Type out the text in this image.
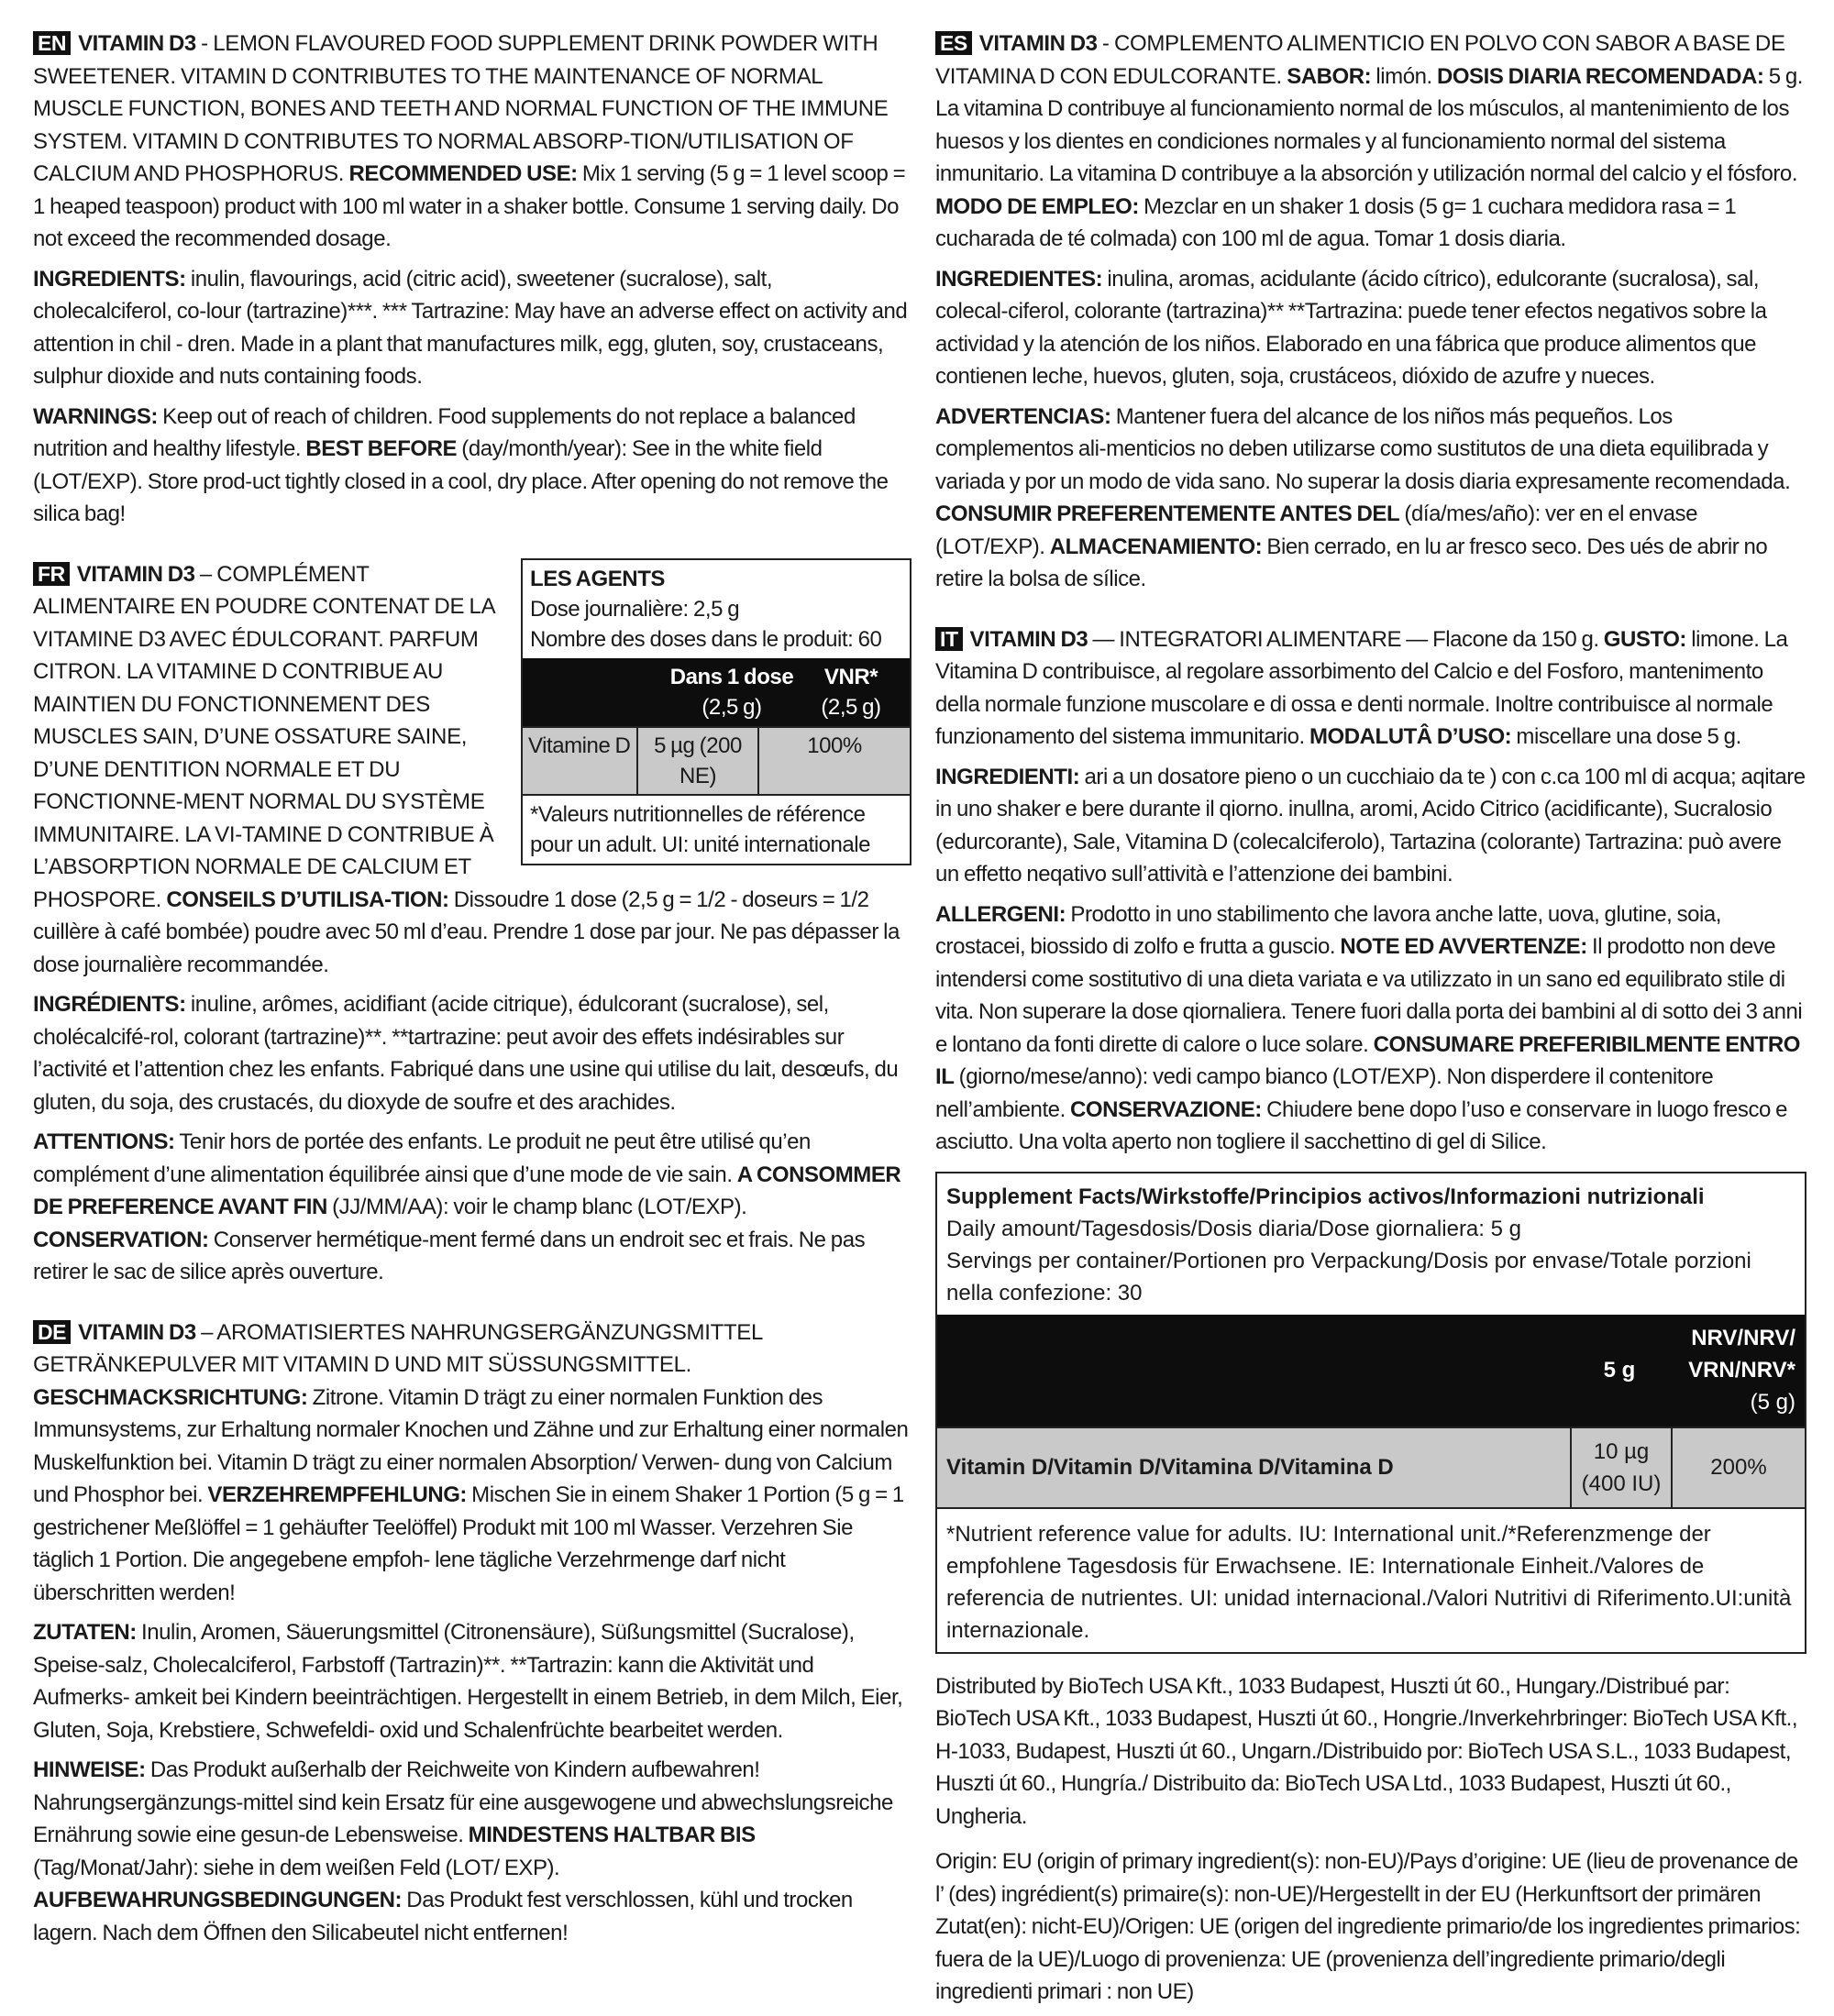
EN VITAMIN D3 - LEMON FLAVOURED FOOD SUPPLEMENT DRINK POWDER WITH SWEETENER. VITAMIN D CONTRIBUTES TO THE MAINTENANCE OF NORMAL MUSCLE FUNCTION, BONES AND TEETH AND NORMAL FUNCTION OF THE IMMUNE SYSTEM. VITAMIN D CONTRIBUTES TO NORMAL ABSORP-TION/UTILISATION OF CALCIUM AND PHOSPHORUS. RECOMMENDED USE: Mix 1 serving (5 g = 1 level scoop = 1 heaped teaspoon) product with 100 ml water in a shaker bottle. Consume 1 serving daily. Do not exceed the recommended dosage.

INGREDIENTS: inulin, flavourings, acid (citric acid), sweetener (sucralose), salt, cholecalciferol, co-lour (tartrazine)***. *** Tartrazine: May have an adverse effect on activity and attention in chil - dren. Made in a plant that manufactures milk, egg, gluten, soy, crustaceans, sulphur dioxide and nuts containing foods.

WARNINGS: Keep out of reach of children. Food supplements do not replace a balanced nutrition and healthy lifestyle. BEST BEFORE (day/month/year): See in the white field (LOT/EXP). Store prod-uct tightly closed in a cool, dry place. After opening do not remove the silica bag!

LES AGENTS
Dose journalière: 2,5 g
Nombre des doses dans le produit: 60
Dans 1 dose
(2,5 g)
VNR*
(2,5 g)
Vitamine D	5 µg (200 NE)
100%
*Valeurs nutritionnelles de référence pour un adult. UI: unité internationale

FR VITAMIN D3 – COMPLÉMENT ALIMENTAIRE EN POUDRE CONTENAT DE LA VITAMINE D3 AVEC ÉDULCORANT. PARFUM CITRON. LA VITAMINE D CONTRIBUE AU MAINTIEN DU FONCTIONNEMENT DES MUSCLES SAIN, D’UNE OSSATURE SAINE, D’UNE DENTITION NORMALE ET DU FONCTIONNE-MENT NORMAL DU SYSTÈME IMMUNITAIRE. LA VI-TAMINE D CONTRIBUE À L’ABSORPTION NORMALE DE CALCIUM ET PHOSPORE. CONSEILS D’UTILISA-TION: Dissoudre 1 dose (2,5 g = 1/2 - doseurs = 1/2 cuillère à café bombée) poudre avec 50 ml d’eau. Prendre 1 dose par jour. Ne pas dépasser la dose journalière recommandée.

INGRÉDIENTS: inuline, arômes, acidifiant (acide citrique), édulcorant (sucralose), sel, cholécalcifé-rol, colorant (tartrazine)**. **tartrazine: peut avoir des effets indésirables sur l’activité et l’attention chez les enfants. Fabriqué dans une usine qui utilise du lait, desœufs, du gluten, du soja, des crustacés, du dioxyde de soufre et des arachides.

ATTENTIONS: Tenir hors de portée des enfants. Le produit ne peut être utilisé qu’en complément d’une alimentation équilibrée ainsi que d’une mode de vie sain. A CONSOMMER DE PREFERENCE AVANT FIN (JJ/MM/AA): voir le champ blanc (LOT/EXP). CONSERVATION: Conserver hermétique-ment fermé dans un endroit sec et frais. Ne pas retirer le sac de silice après ouverture.

DE VITAMIN D3 – AROMATISIERTES NAHRUNGSERGÄNZUNGSMITTEL GETRÄNKEPULVER MIT VITAMIN D UND MIT SÜSSUNGSMITTEL. GESCHMACKSRICHTUNG: Zitrone. Vitamin D trägt zu einer normalen Funktion des Immunsystems, zur Erhaltung normaler Knochen und Zähne und zur Erhaltung einer normalen Muskelfunktion bei. Vitamin D trägt zu einer normalen Absorption/ Verwen- dung von Calcium und Phosphor bei. VERZEHREMPFEHLUNG: Mischen Sie in einem Shaker 1 Portion (5 g = 1 gestrichener Meßlöffel = 1 gehäufter Teelöffel) Produkt mit 100 ml Wasser. Verzehren Sie täglich 1 Portion. Die angegebene empfoh- lene tägliche Verzehrmenge darf nicht überschritten werden!

ZUTATEN: Inulin, Aromen, Säuerungsmittel (Citronensäure), Süßungsmittel (Sucralose), Speise-salz, Cholecalciferol, Farbstoff (Tartrazin)**. **Tartrazin: kann die Aktivität und Aufmerks- amkeit bei Kindern beeinträchtigen. Hergestellt in einem Betrieb, in dem Milch, Eier, Gluten, Soja, Krebstiere, Schwefeldi- oxid und Schalenfrüchte bearbeitet werden.

HINWEISE: Das Produkt außerhalb der Reichweite von Kindern aufbewahren! Nahrungsergänzungs-mittel sind kein Ersatz für eine ausgewogene und abwechslungsreiche Ernährung sowie eine gesun-de Lebensweise. MINDESTENS HALTBAR BIS (Tag/Monat/Jahr): siehe in dem weißen Feld (LOT/ EXP). AUFBEWAHRUNGSBEDINGUNGEN: Das Produkt fest verschlossen, kühl und trocken lagern. Nach dem Öffnen den Silicabeutel nicht entfernen!

ES VITAMIN D3 - COMPLEMENTO ALIMENTICIO EN POLVO CON SABOR A BASE DE VITAMINA D CON EDULCORANTE. SABOR: limón. DOSIS DIARIA RECOMENDADA: 5 g. La vitamina D contribuye al funcionamiento normal de los músculos, al mantenimiento de los huesos y los dientes en condiciones normales y al funcionamiento normal del sistema inmunitario. La vitamina D contribuye a la absorción y utilización normal del calcio y el fósforo. MODO DE EMPLEO: Mezclar en un shaker 1 dosis (5 g= 1 cuchara medidora rasa = 1 cucharada de té colmada) con 100 ml de agua. Tomar 1 dosis diaria.

INGREDIENTES: inulina, aromas, acidulante (ácido cítrico), edulcorante (sucralosa), sal, colecal-ciferol, colorante (tartrazina)** **Tartrazina: puede tener efectos negativos sobre la actividad y la atención de los niños. Elaborado en una fábrica que produce alimentos que contienen leche, huevos, gluten, soja, crustáceos, dióxido de azufre y nueces.

ADVERTENCIAS: Mantener fuera del alcance de los niños más pequeños. Los complementos ali-menticios no deben utilizarse como sustitutos de una dieta equilibrada y variada y por un modo de vida sano. No superar la dosis diaria expresamente recomendada. CONSUMIR PREFERENTEMENTE ANTES DEL (día/mes/año): ver en el envase (LOT/EXP). ALMACENAMIENTO: Bien cerrado, en lu ar fresco seco. Des ués de abrir no retire la bolsa de sílice.

IT VITAMIN D3 — INTEGRATORI ALIMENTARE — Flacone da 150 g. GUSTO: limone. La Vitamina D contribuisce, al regolare assorbimento del Calcio e del Fosforo, mantenimento della normale funzione muscolare e di ossa e denti normale. Inoltre contribuisce al normale funzionamento del sistema immunitario. MODALUTÂ D’USO: miscellare una dose 5 g.

INGREDIENTI: ari a un dosatore pieno o un cucchiaio da te ) con c.ca 100 ml di acqua; aqitare in uno shaker e bere durante il qiorno. inullna, aromi, Acido Citrico (acidificante), Sucralosio (edurcorante), Sale, Vitamina D (colecalciferolo), Tartazina (colorante) Tartrazina: può avere un effetto neqativo sull’attività e l’attenzione dei bambini.

ALLERGENI: Prodotto in uno stabilimento che lavora anche latte, uova, glutine, soia, crostacei, biossido di zolfo e frutta a guscio. NOTE ED AVVERTENZE: Il prodotto non deve intendersi come sostitutivo di una dieta variata e va utilizzato in un sano ed equilibrato stile di vita. Non superare la dose qiornaliera. Tenere fuori dalla porta dei bambini al di sotto dei 3 anni e lontano da fonti dirette di calore o luce solare. CONSUMARE PREFERIBILMENTE ENTRO IL (giorno/mese/anno): vedi campo bianco (LOT/EXP). Non disperdere il contenitore nell’ambiente. CONSERVAZIONE: Chiudere bene dopo l’uso e conservare in luogo fresco e asciutto. Una volta aperto non togliere il sacchettino di gel di Silice.

Supplement Facts/Wirkstoffe/Principios activos/Informazioni nutrizionali
Daily amount/Tagesdosis/Dosis diaria/Dose giornaliera: 5 g
Servings per container/Portionen pro Verpackung/Dosis por envase/Totale porzioni nella confezione: 30
5 g
NRV/NRV/
VRN/NRV*
(5 g)
Vitamin D/Vitamin D/Vitamina D/Vitamina D
10 µg
(400 IU)
200%
*Nutrient reference value for adults. IU: International unit./*Referenzmenge der empfohlene Tagesdosis für Erwachsene. IE: Internationale Einheit./Valores de referencia de nutrientes. UI: unidad internacional./Valori Nutritivi di Riferimento.UI:unità internazionale.

Distributed by BioTech USA Kft., 1033 Budapest, Huszti út 60., Hungary./Distribué par: BioTech USA Kft., 1033 Budapest, Huszti út 60., Hongrie./Inverkehrbringer: BioTech USA Kft., H-1033, Budapest, Huszti út 60., Ungarn./Distribuido por: BioTech USA S.L., 1033 Budapest, Huszti út 60., Hungría./ Distribuito da: BioTech USA Ltd., 1033 Budapest, Huszti út 60., Ungheria.

Origin: EU (origin of primary ingredient(s): non-EU)/Pays d’origine: UE (lieu de provenance de l’ (des) ingrédient(s) primaire(s): non-UE)/Hergestellt in der EU (Herkunftsort der primären Zutat(en): nicht-EU)/Origen: UE (origen del ingrediente primario/de los ingredientes primarios: fuera de la UE)/Luogo di provenienza: UE (provenienza dell’ingrediente primario/degli ingredienti primari : non UE)
